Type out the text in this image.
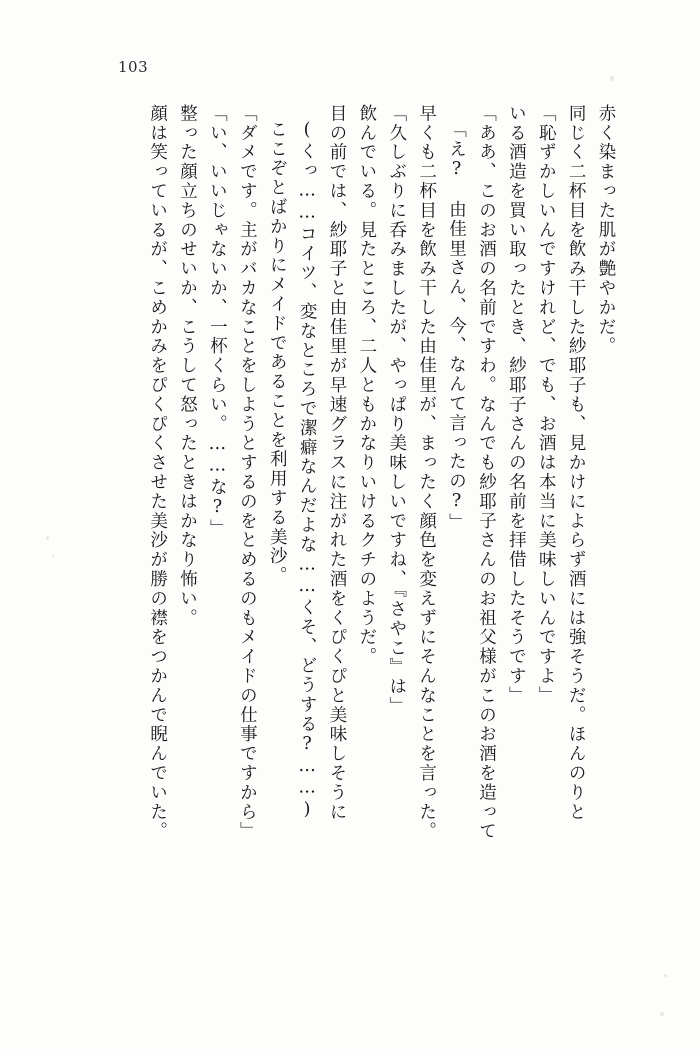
103
顔は笑っているが、こめかみをぴくぴくさせた美沙が勝の襟をつかんで睨んでいた。 整った顔立ちのせいか、こうして怒ったときはかなり怖い。 「い、いいじゃないか、一杯くらい。……な?」 「ダメです。主がバカなことをしようとするのをとめるのもメイドの仕事ですから」 ここぞとばかりにメイドであることを利用する美沙。 (くっ……コイツ、変なところで潔癖なんだよな……くそ、どうする?……) 目の前では、紗耶子と由佳里が早速グラスに注がれた酒をくぴくぴと美味しそうに 飲んでいる。見たところ、二人ともかなりいけるクチのようだ。 「久しぶりに呑みましたが、やっぱり美味しいですね、『さやこ』は」 早くも二杯目を飲み干した由佳里が、まったく顔色を変えずにそんなことを言った。 「え?　由佳里さん、今、なんて言ったの?」 「ああ、このお酒の名前ですわ。なんでも紗耶子さんのお祖父様がこのお酒を造って いる酒造を買い取ったとき、紗耶子さんの名前を拝借したそうです」 「恥ずかしいんですけれど、でも、お酒は本当に美味しいんですよ」 同じく二杯目を飲み干した紗耶子も、見かけによらず酒には強そうだ。ほんのりと 赤く染まった肌が艶やかだ。
